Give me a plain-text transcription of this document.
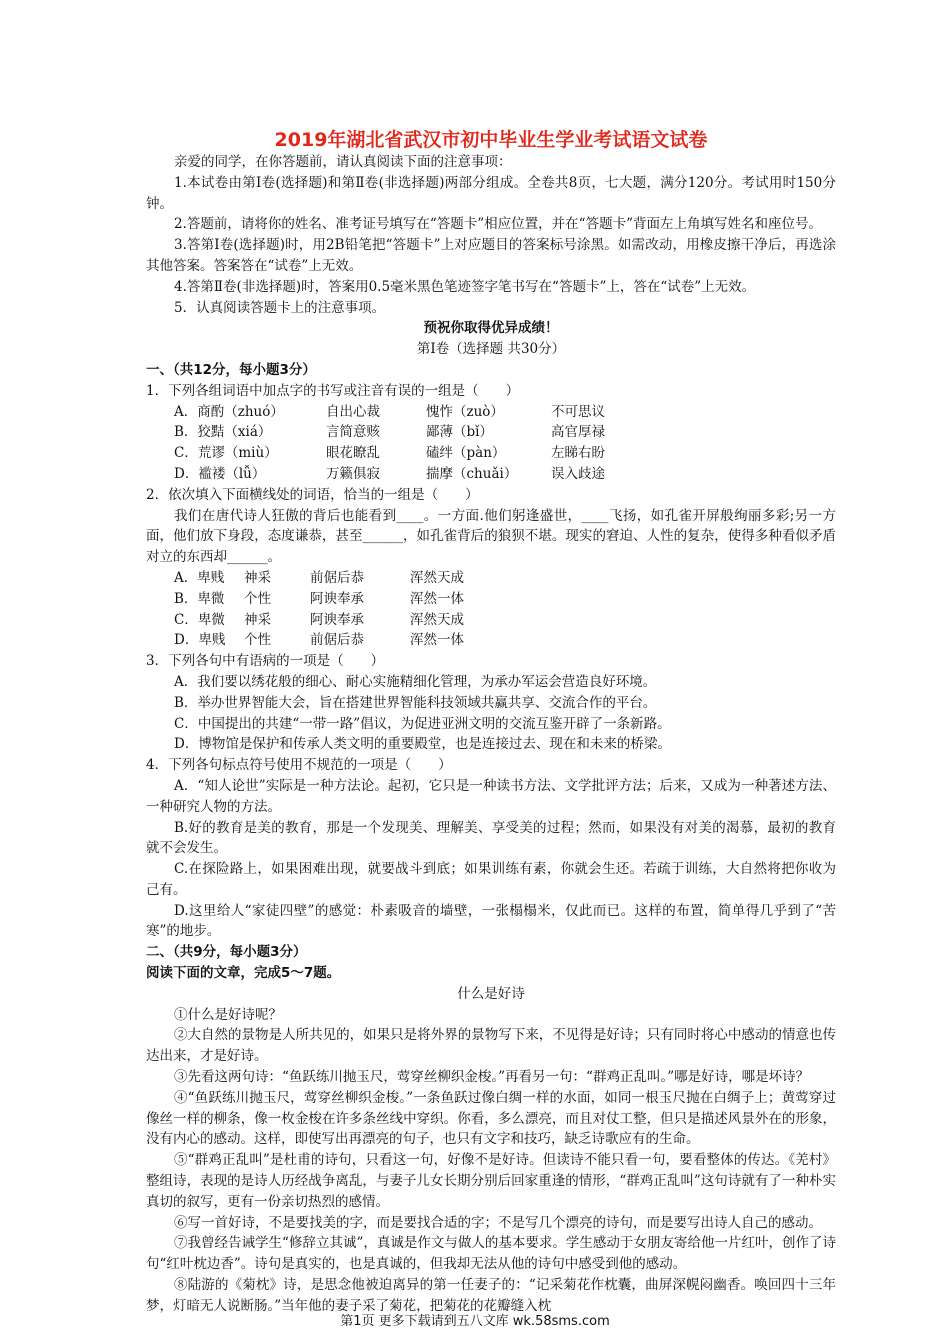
2019年湖北省武汉市初中毕业生学业考试语文试卷

亲爱的同学，在你答题前，请认真阅读下面的注意事项：

1.本试卷由第Ⅰ卷(选择题)和第Ⅱ卷(非选择题)两部分组成。全卷共8页，七大题，满分120分。考试用时150分钟。

2.答题前，请将你的姓名、准考证号填写在“答题卡”相应位置，并在“答题卡”背面左上角填写姓名和座位号。

3.答第Ⅰ卷(选择题)时，用2B铅笔把“答题卡”上对应题目的答案标号涂黑。如需改动，用橡皮擦干净后，再选涂其他答案。答案答在“试卷”上无效。

4.答第Ⅱ卷(非选择题)时，答案用0.5毫米黑色笔迹签字笔书写在“答题卡”上，答在“试卷”上无效。

5．认真阅读答题卡上的注意事项。

预祝你取得优异成绩！

第Ⅰ卷（选择题 共30分）

一、（共12分，每小题3分）

1．下列各组词语中加点字的书写或注音有误的一组是（　　）

A．商酌（zhuó）	自出心裁	愧怍（zuò）	不可思议
B．狡黠（xiá）	言简意赅	鄙薄（bǐ）	高官厚禄
C．荒谬（miù）	眼花瞭乱	磕绊（pàn）	左睇右盼
D．褴褛（lǚ）	万籁俱寂	揣摩（chuǎi）	误入歧途

2．依次填入下面横线处的词语，恰当的一组是（　　）

我们在唐代诗人狂傲的背后也能看到____。一方面.他们躬逢盛世，____飞扬，如孔雀开屏般绚丽多彩;另一方面，他们放下身段，态度谦恭，甚至______，如孔雀背后的狼狈不堪。现实的窘迫、人性的复杂，使得多种看似矛盾对立的东西却______。

A．卑贱	神采	前倨后恭	浑然天成
B．卑微	个性	阿谀奉承	浑然一体
C．卑微	神采	阿谀奉承	浑然天成
D．卑贱	个性	前倨后恭	浑然一体

3．下列各句中有语病的一项是（　　）

A．我们要以绣花般的细心、耐心实施精细化管理，为承办军运会营造良好环境。

B．举办世界智能大会，旨在搭建世界智能科技领域共赢共享、交流合作的平台。

C．中国提出的共建“一带一路”倡议，为促进亚洲文明的交流互鉴开辟了一条新路。

D．博物馆是保护和传承人类文明的重要殿堂，也是连接过去、现在和未来的桥梁。

4．下列各句标点符号使用不规范的一项是（　　）

A．“知人论世”实际是一种方法论。起初，它只是一种读书方法、文学批评方法；后来，又成为一种著述方法、一种研究人物的方法。

B.好的教育是美的教育，那是一个发现美、理解美、享受美的过程；然而，如果没有对美的渴慕，最初的教育就不会发生。

C.在探险路上，如果困难出现，就要战斗到底；如果训练有素，你就会生还。若疏于训练，大自然将把你收为己有。

D.这里给人“家徒四壁”的感觉：朴素吸音的墙壁，一张榻榻米，仅此而已。这样的布置，简单得几乎到了“苦寒”的地步。

二、（共9分，每小题3分）

阅读下面的文章，完成5～7题。

什么是好诗

①什么是好诗呢？

②大自然的景物是人所共见的，如果只是将外界的景物写下来，不见得是好诗；只有同时将心中感动的情意也传达出来，才是好诗。

③先看这两句诗：“鱼跃练川抛玉尺，莺穿丝柳织金梭。”再看另一句：“群鸡正乱叫。”哪是好诗，哪是坏诗？

④“鱼跃练川抛玉尺，莺穿丝柳织金梭。”一条鱼跃过像白绸一样的水面，如同一根玉尺抛在白绸子上；黄莺穿过像丝一样的柳条，像一枚金梭在许多条丝线中穿织。你看，多么漂亮，而且对仗工整，但只是描述风景外在的形象，没有内心的感动。这样，即使写出再漂亮的句子，也只有文字和技巧，缺乏诗歌应有的生命。

⑤“群鸡正乱叫”是杜甫的诗句，只看这一句，好像不是好诗。但读诗不能只看一句，要看整体的传达。《羌村》整组诗，表现的是诗人历经战争离乱，与妻子儿女长期分别后回家重逢的情形，“群鸡正乱叫”这句诗就有了一种朴实真切的叙写，更有一份亲切热烈的感情。

⑥写一首好诗，不是要找美的字，而是要找合适的字；不是写几个漂亮的诗句，而是要写出诗人自己的感动。

⑦我曾经告诫学生“修辞立其诚”，真诚是作文与做人的基本要求。学生感动于女朋友寄给他一片红叶，创作了诗句“红叶枕边香”。诗句是真实的，也是真诚的，但我却无法从他的诗句中感受到他的感动。

⑧陆游的《菊枕》诗，是思念他被迫离异的第一任妻子的：“记采菊花作枕囊，曲屏深幌闷幽香。唤回四十三年梦，灯暗无人说断肠。”当年他的妻子采了菊花，把菊花的花瓣缝入枕

第1页 更多下载请到五八文库 wk.58sms.com
